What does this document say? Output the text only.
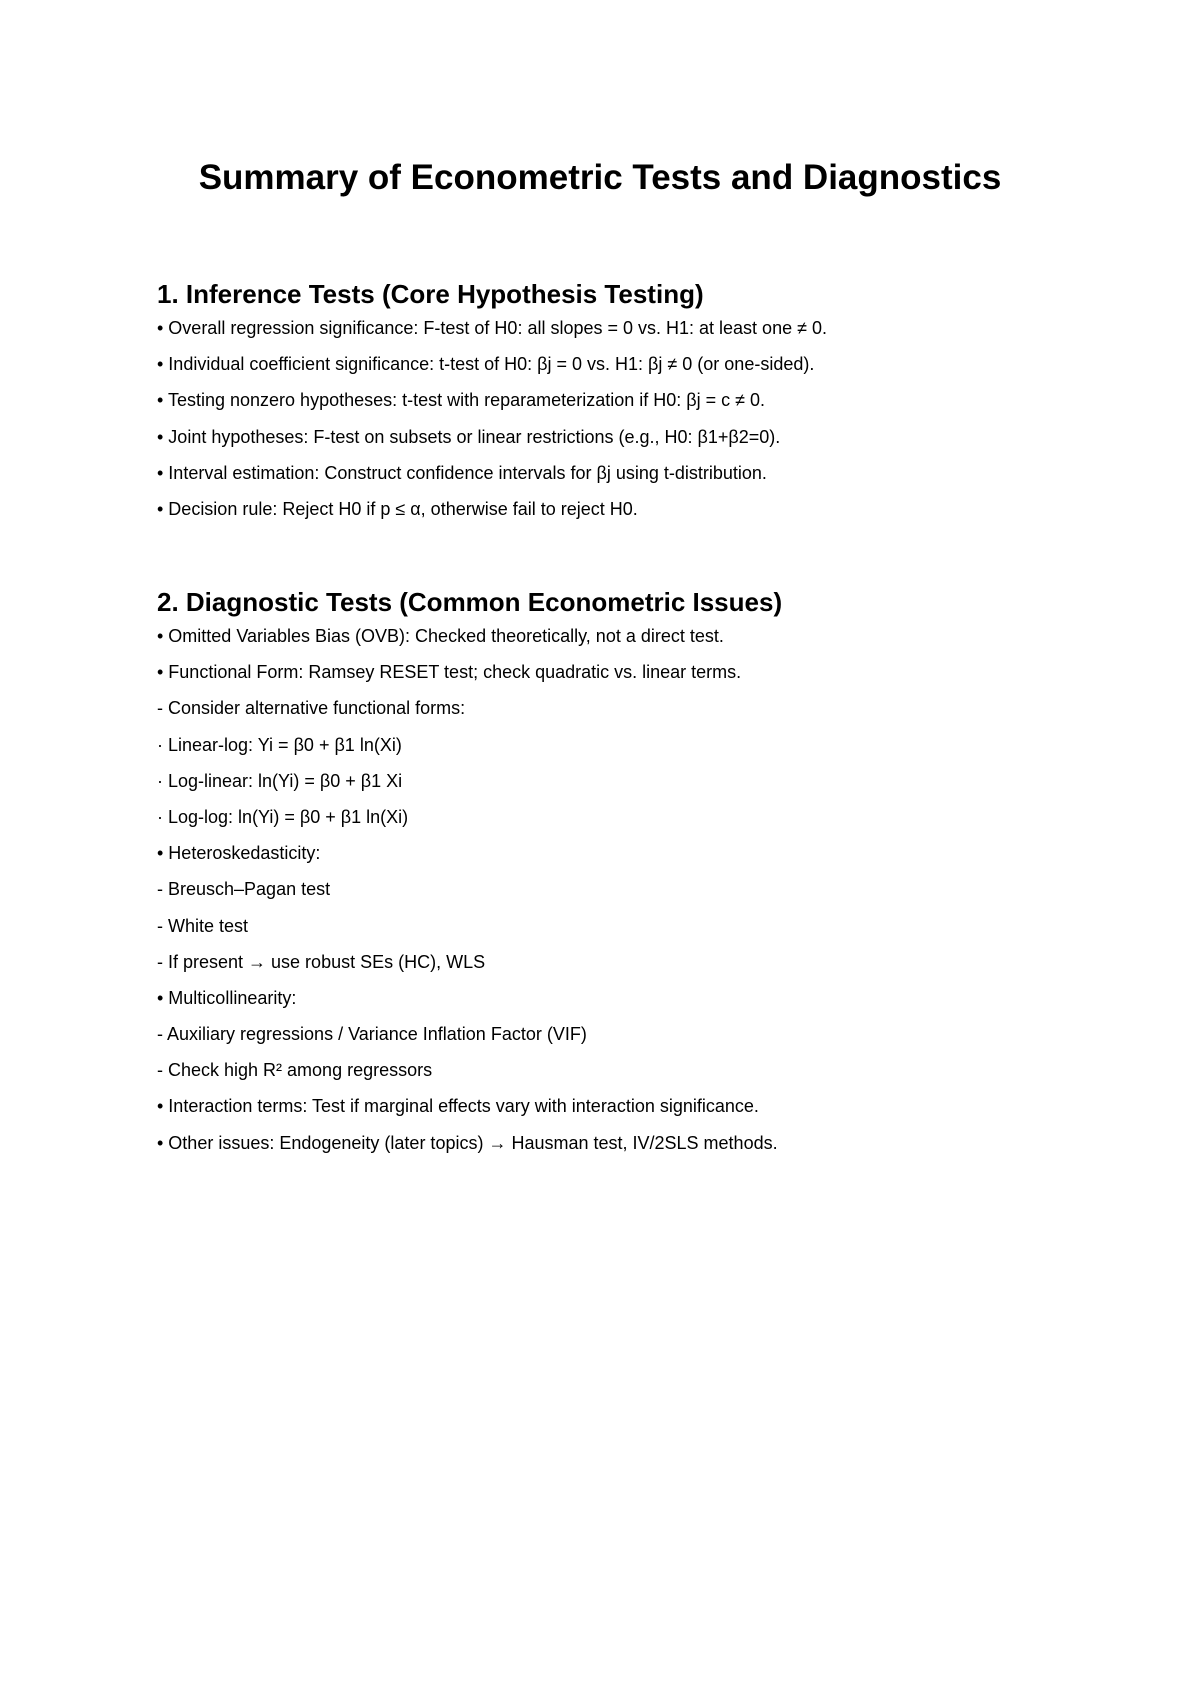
Summary of Econometric Tests and Diagnostics
1. Inference Tests (Core Hypothesis Testing)
• Overall regression significance: F-test of H0: all slopes = 0 vs. H1: at least one ≠ 0.
• Individual coefficient significance: t-test of H0: βj = 0 vs. H1: βj ≠ 0 (or one-sided).
• Testing nonzero hypotheses: t-test with reparameterization if H0: βj = c ≠ 0.
• Joint hypotheses: F-test on subsets or linear restrictions (e.g., H0: β1+β2=0).
• Interval estimation: Construct confidence intervals for βj using t-distribution.
• Decision rule: Reject H0 if p ≤ α, otherwise fail to reject H0.
2. Diagnostic Tests (Common Econometric Issues)
• Omitted Variables Bias (OVB): Checked theoretically, not a direct test.
• Functional Form: Ramsey RESET test; check quadratic vs. linear terms.
- Consider alternative functional forms:
· Linear-log: Yi = β0 + β1 ln(Xi)
· Log-linear: ln(Yi) = β0 + β1 Xi
· Log-log: ln(Yi) = β0 + β1 ln(Xi)
• Heteroskedasticity:
- Breusch–Pagan test
- White test
- If present → use robust SEs (HC), WLS
• Multicollinearity:
- Auxiliary regressions / Variance Inflation Factor (VIF)
- Check high R² among regressors
• Interaction terms: Test if marginal effects vary with interaction significance.
• Other issues: Endogeneity (later topics) → Hausman test, IV/2SLS methods.
